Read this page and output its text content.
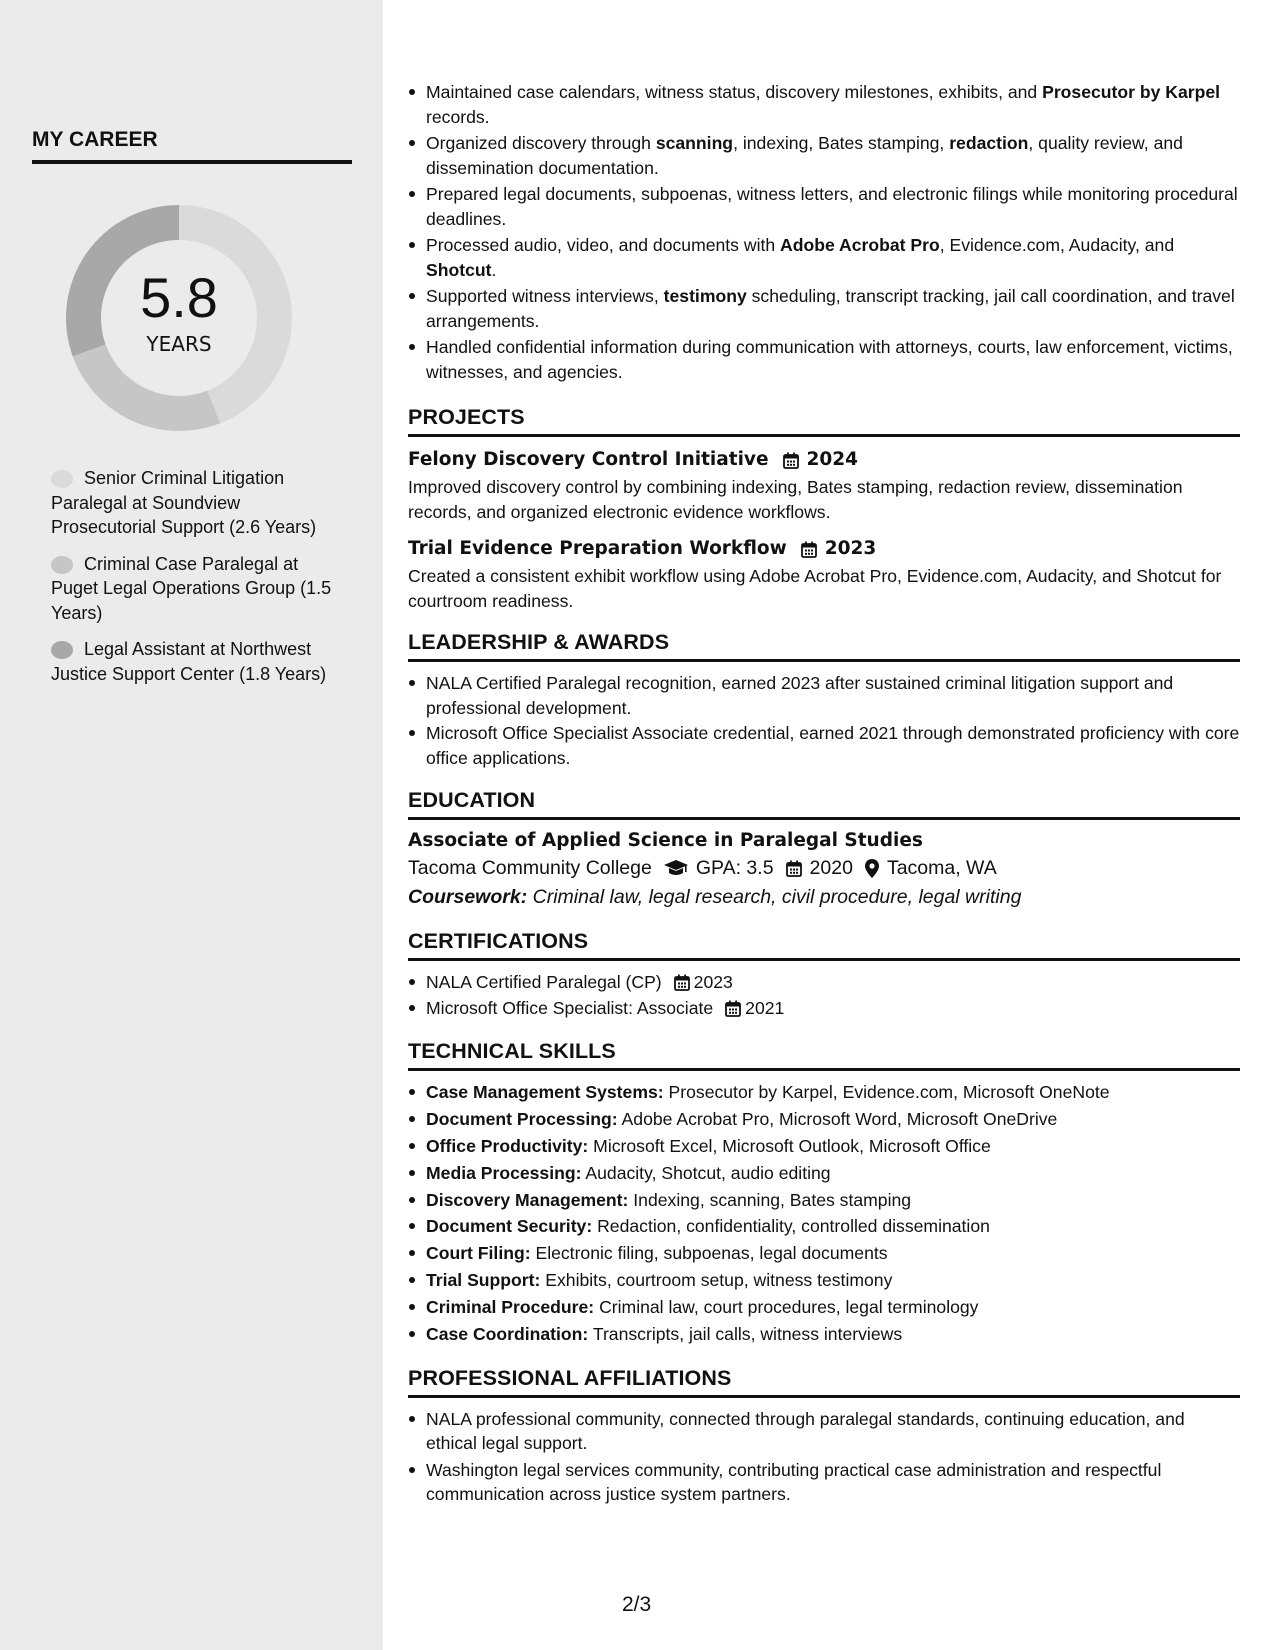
MY CAREER
5.8
YEARS
Senior Criminal Litigation Paralegal at Soundview Prosecutorial Support (2.6 Years)
Criminal Case Paralegal at Puget Legal Operations Group (1.5 Years)
Legal Assistant at Northwest Justice Support Center (1.8 Years)
Maintained case calendars, witness status, discovery milestones, exhibits, and Prosecutor by Karpel records.
Organized discovery through scanning, indexing, Bates stamping, redaction, quality review, and dissemination documentation.
Prepared legal documents, subpoenas, witness letters, and electronic filings while monitoring procedural deadlines.
Processed audio, video, and documents with Adobe Acrobat Pro, Evidence.com, Audacity, and Shotcut.
Supported witness interviews, testimony scheduling, transcript tracking, jail call coordination, and travel arrangements.
Handled confidential information during communication with attorneys, courts, law enforcement, victims, witnesses, and agencies.
PROJECTS
Felony Discovery Control Initiative 2024
Improved discovery control by combining indexing, Bates stamping, redaction review, dissemination records, and organized electronic evidence workflows.
Trial Evidence Preparation Workflow 2023
Created a consistent exhibit workflow using Adobe Acrobat Pro, Evidence.com, Audacity, and Shotcut for courtroom readiness.
LEADERSHIP & AWARDS
NALA Certified Paralegal recognition, earned 2023 after sustained criminal litigation support and professional development.
Microsoft Office Specialist Associate credential, earned 2021 through demonstrated proficiency with core office applications.
EDUCATION
Associate of Applied Science in Paralegal Studies
Tacoma Community College GPA: 3.5 2020 Tacoma, WA
Coursework: Criminal law, legal research, civil procedure, legal writing
CERTIFICATIONS
NALA Certified Paralegal (CP) 2023
Microsoft Office Specialist: Associate 2021
TECHNICAL SKILLS
Case Management Systems: Prosecutor by Karpel, Evidence.com, Microsoft OneNote
Document Processing: Adobe Acrobat Pro, Microsoft Word, Microsoft OneDrive
Office Productivity: Microsoft Excel, Microsoft Outlook, Microsoft Office
Media Processing: Audacity, Shotcut, audio editing
Discovery Management: Indexing, scanning, Bates stamping
Document Security: Redaction, confidentiality, controlled dissemination
Court Filing: Electronic filing, subpoenas, legal documents
Trial Support: Exhibits, courtroom setup, witness testimony
Criminal Procedure: Criminal law, court procedures, legal terminology
Case Coordination: Transcripts, jail calls, witness interviews
PROFESSIONAL AFFILIATIONS
NALA professional community, connected through paralegal standards, continuing education, and ethical legal support.
Washington legal services community, contributing practical case administration and respectful communication across justice system partners.
2/3
